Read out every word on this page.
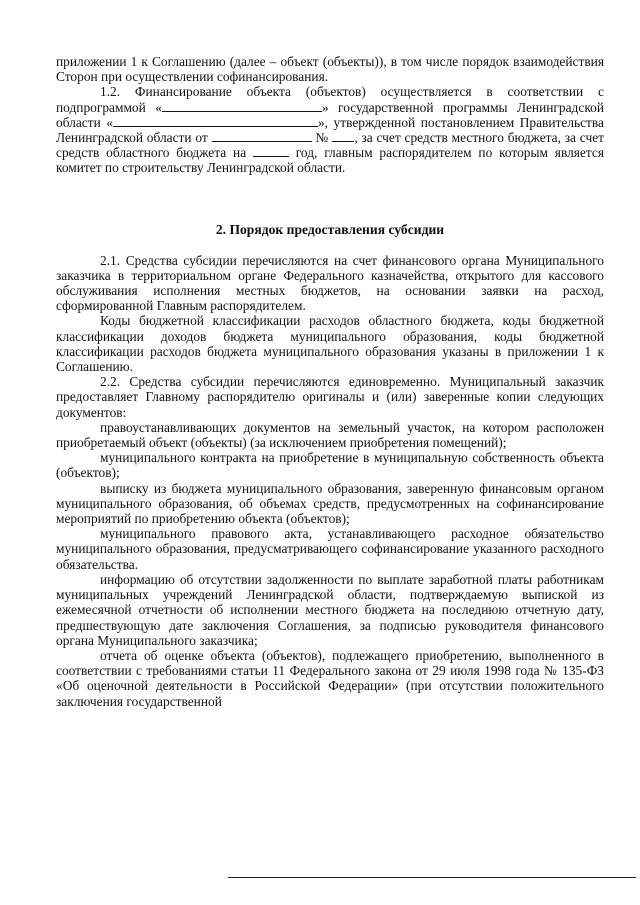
приложении 1 к Соглашению (далее – объект (объекты)), в том числе порядок взаимодействия Сторон при осуществлении софинансирования.

1.2. Финансирование объекта (объектов) осуществляется в соответствии с подпрограммой «	» государственной программы Ленинградской области «	», утвержденной постановлением Правительства Ленинградской области от	№ , за счет средств местного бюджета, за счет средств областного бюджета на	год, главным распорядителем по которым является комитет по строительству Ленинградской области.

2. Порядок предоставления субсидии

2.1. Средства субсидии перечисляются на счет финансового органа Муниципального заказчика в территориальном органе Федерального казначейства, открытого для кассового обслуживания исполнения местных бюджетов, на основании заявки на расход, сформированной Главным распорядителем.

Коды бюджетной классификации расходов областного бюджета, коды бюджетной классификации доходов бюджета муниципального образования, коды бюджетной классификации расходов бюджета муниципального образования указаны в приложении 1 к Соглашению.

2.2. Средства субсидии перечисляются единовременно. Муниципальный заказчик предоставляет Главному распорядителю оригиналы и (или) заверенные копии следующих документов:

правоустанавливающих документов на земельный участок, на котором расположен приобретаемый объект (объекты) (за исключением приобретения помещений);

муниципального контракта на приобретение в муниципальную собственность объекта (объектов);

выписку из бюджета муниципального образования, заверенную финансовым органом муниципального образования, об объемах средств, предусмотренных на софинансирование мероприятий по приобретению объекта (объектов);

муниципального правового акта, устанавливающего расходное обязательство муниципального образования, предусматривающего софинансирование указанного расходного обязательства.

информацию об отсутствии задолженности по выплате заработной платы работникам муниципальных учреждений Ленинградской области, подтверждаемую выпиской из ежемесячной отчетности об исполнении местного бюджета на последнюю отчетную дату, предшествующую дате заключения Соглашения, за подписью руководителя финансового органа Муниципального заказчика;

отчета об оценке объекта (объектов), подлежащего приобретению, выполненного в соответствии с требованиями статьи 11 Федерального закона от 29 июля 1998 года № 135-ФЗ «Об оценочной деятельности в Российской Федерации» (при отсутствии положительного заключения государственной
